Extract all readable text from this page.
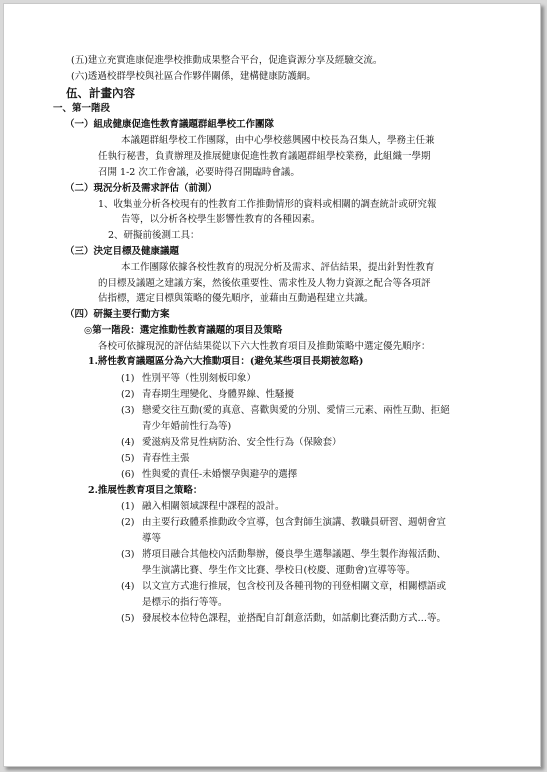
(五)建立充實進康促進學校推動成果整合平台，促進資源分享及經驗交流。
(六)透過校群學校與社區合作夥伴關係，建構健康防護網。
伍、計畫內容
一、第一階段
（一）組成健康促進性教育議題群組學校工作團隊
本議題群組學校工作團隊，由中心學校慈興國中校長為召集人，學務主任兼
任執行秘書，負責辦理及推展健康促進性教育議題群組學校業務，此組織一學期
召開 1-2 次工作會議，必要時得召開臨時會議。
（二）現況分析及需求評估（前測）
1、收集並分析各校現有的性教育工作推動情形的資料或相關的調查統計或研究報
告等，以分析各校學生影響性教育的各種因素。
2、研擬前後測工具：
（三）決定目標及健康議題
本工作團隊依據各校性教育的現況分析及需求、評估結果，提出針對性教育
的目標及議題之建議方案，然後依重要性、需求性及人物力資源之配合等各項評
估指標，選定目標與策略的優先順序，並藉由互動過程建立共識。
（四）研擬主要行動方案
◎第一階段：選定推動性教育議題的項目及策略
各校可依據現況的評估結果從以下六大性教育項目及推動策略中選定優先順序：
1.將性教育議題區分為六大推動項目：(避免某些項目長期被忽略)
(1) 性別平等（性別刻板印象）
(2) 青春期生理變化、身體界線、性騷擾
(3) 戀愛交往互動(愛的真意、喜歡與愛的分別、愛情三元素、兩性互動、拒絕
青少年婚前性行為等)
(4) 愛滋病及常見性病防治、安全性行為（保險套）
(5) 青春性主張
(6) 性與愛的責任-未婚懷孕與避孕的選擇
2.推展性教育項目之策略：
(1) 融入相關領域課程中課程的設計。
(2) 由主要行政體系推動政令宣導，包含對師生演講、教職員研習、週朝會宣
導等
(3) 將項目融合其他校內活動舉辦，優良學生選舉議題、學生製作海報活動、
學生演講比賽、學生作文比賽、學校日(校慶、運動會)宣導等等。
(4) 以文宣方式進行推展，包含校刊及各種刊物的刊登相關文章，相關標語或
是標示的指行等等。
(5) 發展校本位特色課程，並搭配自訂創意活動，如話劇比賽活動方式…等。
